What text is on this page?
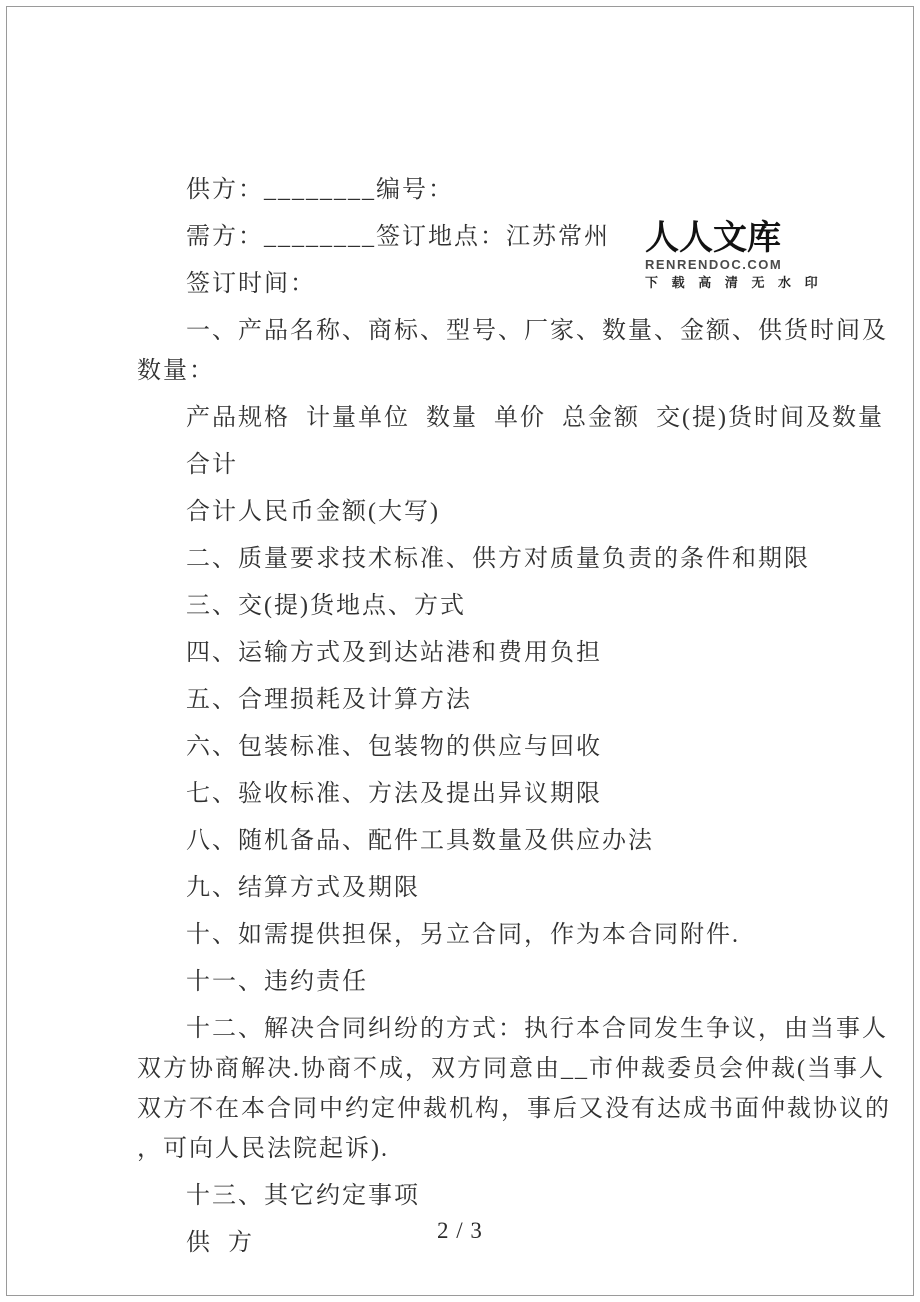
人人文库
RENRENDOC.COM
下 载 高 清 无 水 印
供方：________编号：
需方：________签订地点：江苏常州
签订时间：
一、产品名称、商标、型号、厂家、数量、金额、供货时间及
数量：
产品规格  计量单位  数量  单价  总金额  交(提)货时间及数量
合计
合计人民币金额(大写)
二、质量要求技术标准、供方对质量负责的条件和期限
三、交(提)货地点、方式
四、运输方式及到达站港和费用负担
五、合理损耗及计算方法
六、包装标准、包装物的供应与回收
七、验收标准、方法及提出异议期限
八、随机备品、配件工具数量及供应办法
九、结算方式及期限
十、如需提供担保，另立合同，作为本合同附件.
十一、违约责任
十二、解决合同纠纷的方式：执行本合同发生争议，由当事人
双方协商解决.协商不成，双方同意由__市仲裁委员会仲裁(当事人
双方不在本合同中约定仲裁机构，事后又没有达成书面仲裁协议的
，可向人民法院起诉).
十三、其它约定事项
供  方	2 / 3
